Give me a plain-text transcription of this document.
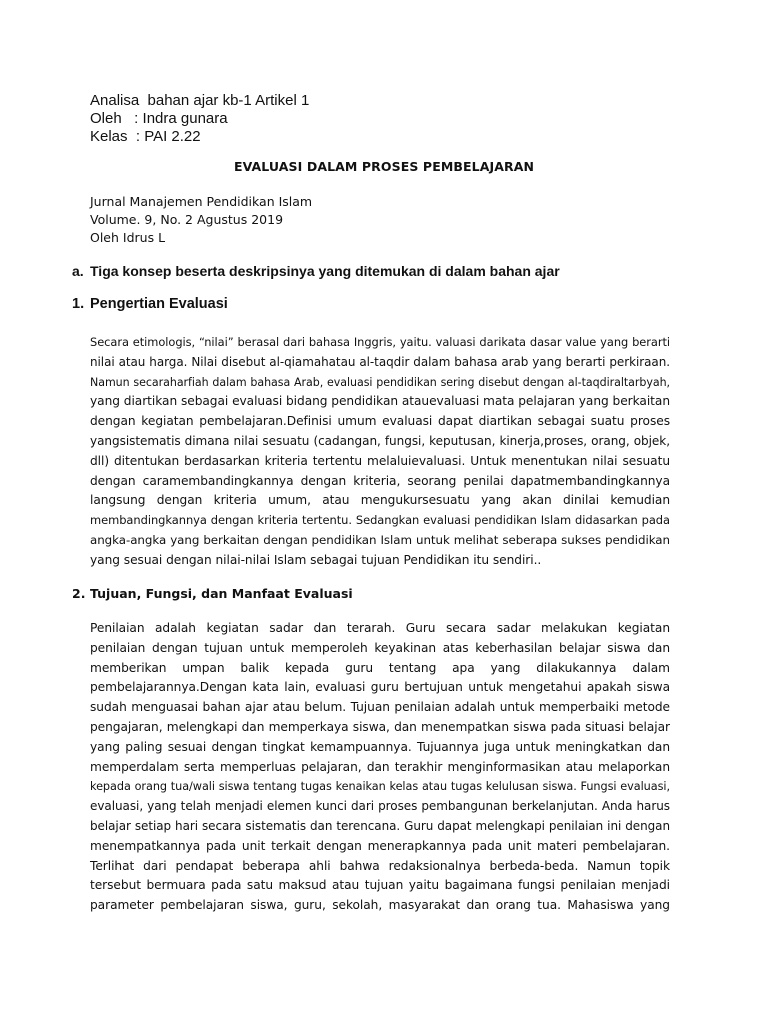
Analisa  bahan ajar kb-1 Artikel 1
Oleh   : Indra gunara
Kelas  : PAI 2.22
EVALUASI DALAM PROSES PEMBELAJARAN
Jurnal Manajemen Pendidikan Islam
Volume. 9, No. 2 Agustus 2019
Oleh Idrus L
a. Tiga konsep beserta deskripsinya yang ditemukan di dalam bahan ajar
1. Pengertian Evaluasi
Secara etimologis, “nilai” berasal dari bahasa Inggris, yaitu. valuasi darikata dasar value yang berarti
nilai atau harga. Nilai disebut al-qiamahatau al-taqdir dalam bahasa arab yang berarti perkiraan.
Namun secaraharfiah dalam bahasa Arab, evaluasi pendidikan sering disebut dengan al-taqdiraltarbyah,
yang diartikan sebagai evaluasi bidang pendidikan atauevaluasi mata pelajaran yang berkaitan
dengan kegiatan pembelajaran.Definisi umum evaluasi dapat diartikan sebagai suatu proses
yangsistematis dimana nilai sesuatu (cadangan, fungsi, keputusan, kinerja,proses, orang, objek,
dll) ditentukan berdasarkan kriteria tertentu melaluievaluasi. Untuk menentukan nilai sesuatu
dengan caramembandingkannya dengan kriteria, seorang penilai dapatmembandingkannya
langsung dengan kriteria umum, atau mengukursesuatu yang akan dinilai kemudian
membandingkannya dengan kriteria tertentu. Sedangkan evaluasi pendidikan Islam didasarkan pada
angka-angka yang berkaitan dengan pendidikan Islam untuk melihat seberapa sukses pendidikan
yang sesuai dengan nilai-nilai Islam sebagai tujuan Pendidikan itu sendiri..
2. Tujuan, Fungsi, dan Manfaat Evaluasi
Penilaian adalah kegiatan sadar dan terarah. Guru secara sadar melakukan kegiatan
penilaian dengan tujuan untuk memperoleh keyakinan atas keberhasilan belajar siswa dan
memberikan umpan balik kepada guru tentang apa yang dilakukannya dalam
pembelajarannya.Dengan kata lain, evaluasi guru bertujuan untuk mengetahui apakah siswa
sudah menguasai bahan ajar atau belum. Tujuan penilaian adalah untuk memperbaiki metode
pengajaran, melengkapi dan memperkaya siswa, dan menempatkan siswa pada situasi belajar
yang paling sesuai dengan tingkat kemampuannya. Tujuannya juga untuk meningkatkan dan
memperdalam serta memperluas pelajaran, dan terakhir menginformasikan atau melaporkan
kepada orang tua/wali siswa tentang tugas kenaikan kelas atau tugas kelulusan siswa. Fungsi evaluasi,
evaluasi, yang telah menjadi elemen kunci dari proses pembangunan berkelanjutan. Anda harus
belajar setiap hari secara sistematis dan terencana. Guru dapat melengkapi penilaian ini dengan
menempatkannya pada unit terkait dengan menerapkannya pada unit materi pembelajaran.
Terlihat dari pendapat beberapa ahli bahwa redaksionalnya berbeda-beda. Namun topik
tersebut bermuara pada satu maksud atau tujuan yaitu bagaimana fungsi penilaian menjadi
parameter pembelajaran siswa, guru, sekolah, masyarakat dan orang tua. Mahasiswa yang
